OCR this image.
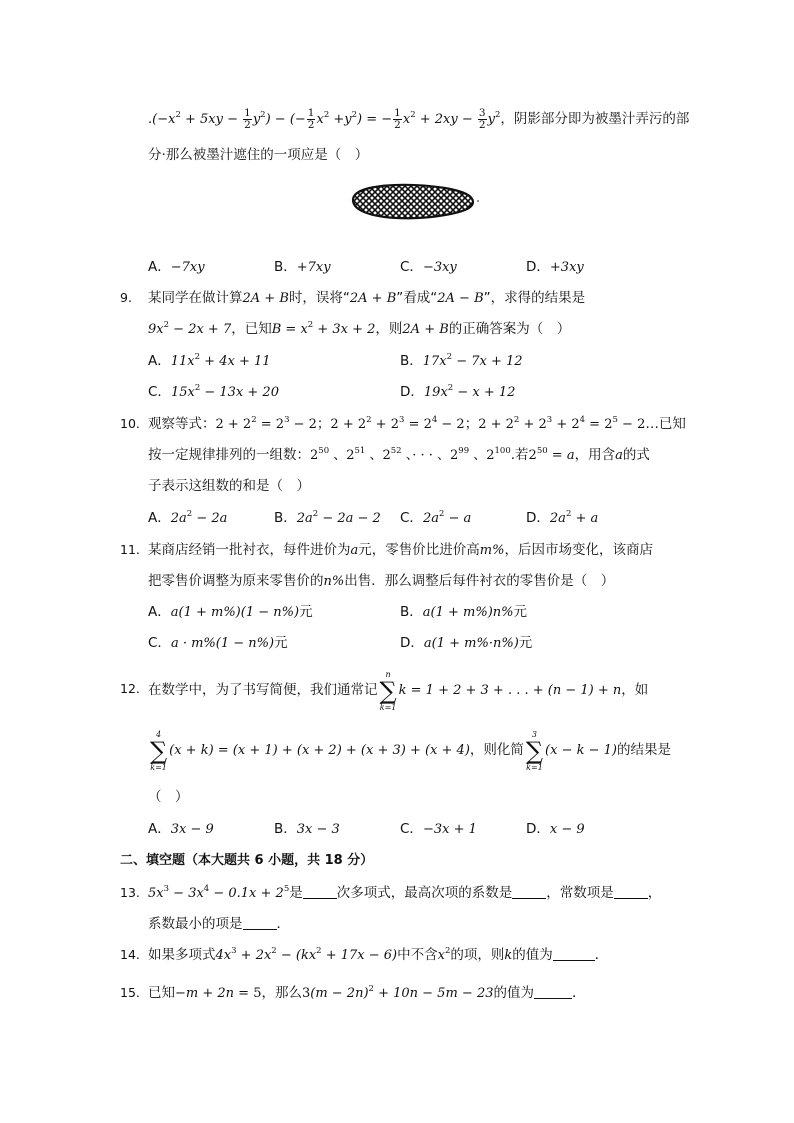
$.(-x^2 + 5xy - \frac{1}{2} y^2)$ − (− $\frac{1}{2} x^2 +y^2$) = − $\frac{1}{2} x^2 + 2xy - \frac{3}{2} y^2$，阴影部分即为被墨汁弄污的部
分·那么被墨汁遮住的一项应是（　）
A．−7xy	B．+7xy	C．−3xy	D．+3xy
9. 某同学在做计算2A + B时，误将“2A + B”看成“2A − B”，求得的结果是
$9x^2 - 2x + 7$，已知$B = x^2 + 3x + 2$，则2A + B的正确答案为（　）
A．$11x^2 + 4x + 11$	B．$17x^2 - 7x + 12$
C．$15x^2 - 13x + 20$	D．$19x^2 - x + 12$
10. 观察等式：$2 + 2^2 = 2^3 - 2$；$2 + 2^2 + 2^3 = 2^4 - 2$；$2 + 2^2 + 2^3 + 2^4 = 2^5$ − 2…已知
按一定规律排列的一组数：$2^{50}$ 、$2^{51}$ 、$2^{52}$ 、· · · 、$2^{99}$ 、$2^{100}$.若$2^{50} = a$，用含a的式
子表示这组数的和是（　）
A．$2a^2 - 2a$	B．$2a^2 - 2a - 2$ C．$2a^2 - a$	D．$2a^2 + a$
11. 某商店经销一批衬衣，每件进价为a元，零售价比进价高m%，后因市场变化，该商店
把零售价调整为原来零售价的n%出售．那么调整后每件衬衣的零售价是（　）
A．a(1 + m%)(1 − n%)元	B．a(1 + m%)n%元
C．a · m%(1 − n%)元	D．a(1 + m%·n%)元
12. 在数学中，为了书写简便，我们通常记
n
∑
k=1
k = 1 + 2 + 3 + . . . + (n − 1) + n，如
4
∑
k=1
(x + k) = (x + 1) + (x + 2) + (x + 3) + (x + 4)，则化简
3
∑
k=1
(x − k − 1)的结果是
（　）
A．3x − 9	B．3x − 3	C．−3x + 1	D．x − 9
二、填空题（本大题共 6 小题，共 18 分）
13. $5x^3 - 3x^4 - 0.1x + 2^5$是	次多项式，最高次项的系数是	，常数项是	，
系数最小的项是	．
14. 如果多项式$4x^3 + 2x^2 - (kx^2 + 17x - 6)$中不含$x^2$的项，则k的值为	．
15. 已知−m + 2n = 5，那么$3(m - 2n)^2 + 10n - 5m - 23$的值为	．
